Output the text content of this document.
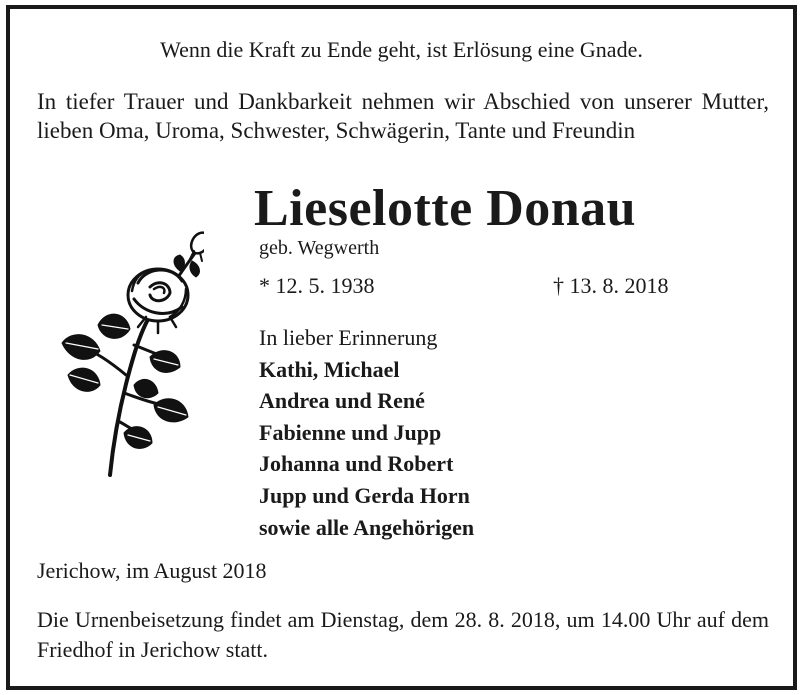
Wenn die Kraft zu Ende geht, ist Erlösung eine Gnade.
In tiefer Trauer und Dankbarkeit nehmen wir Abschied von unserer Mutter, lieben Oma, Uroma, Schwester, Schwägerin, Tante und Freundin
Lieselotte Donau
geb. Wegwerth
* 12. 5. 1938	† 13. 8. 2018
In lieber Erinnerung
Kathi, Michael
Andrea und René
Fabienne und Jupp
Johanna und Robert
Jupp und Gerda Horn
sowie alle Angehörigen
Jerichow, im August 2018
Die Urnenbeisetzung findet am Dienstag, dem 28. 8. 2018, um 14.00 Uhr auf dem Friedhof in Jerichow statt.
